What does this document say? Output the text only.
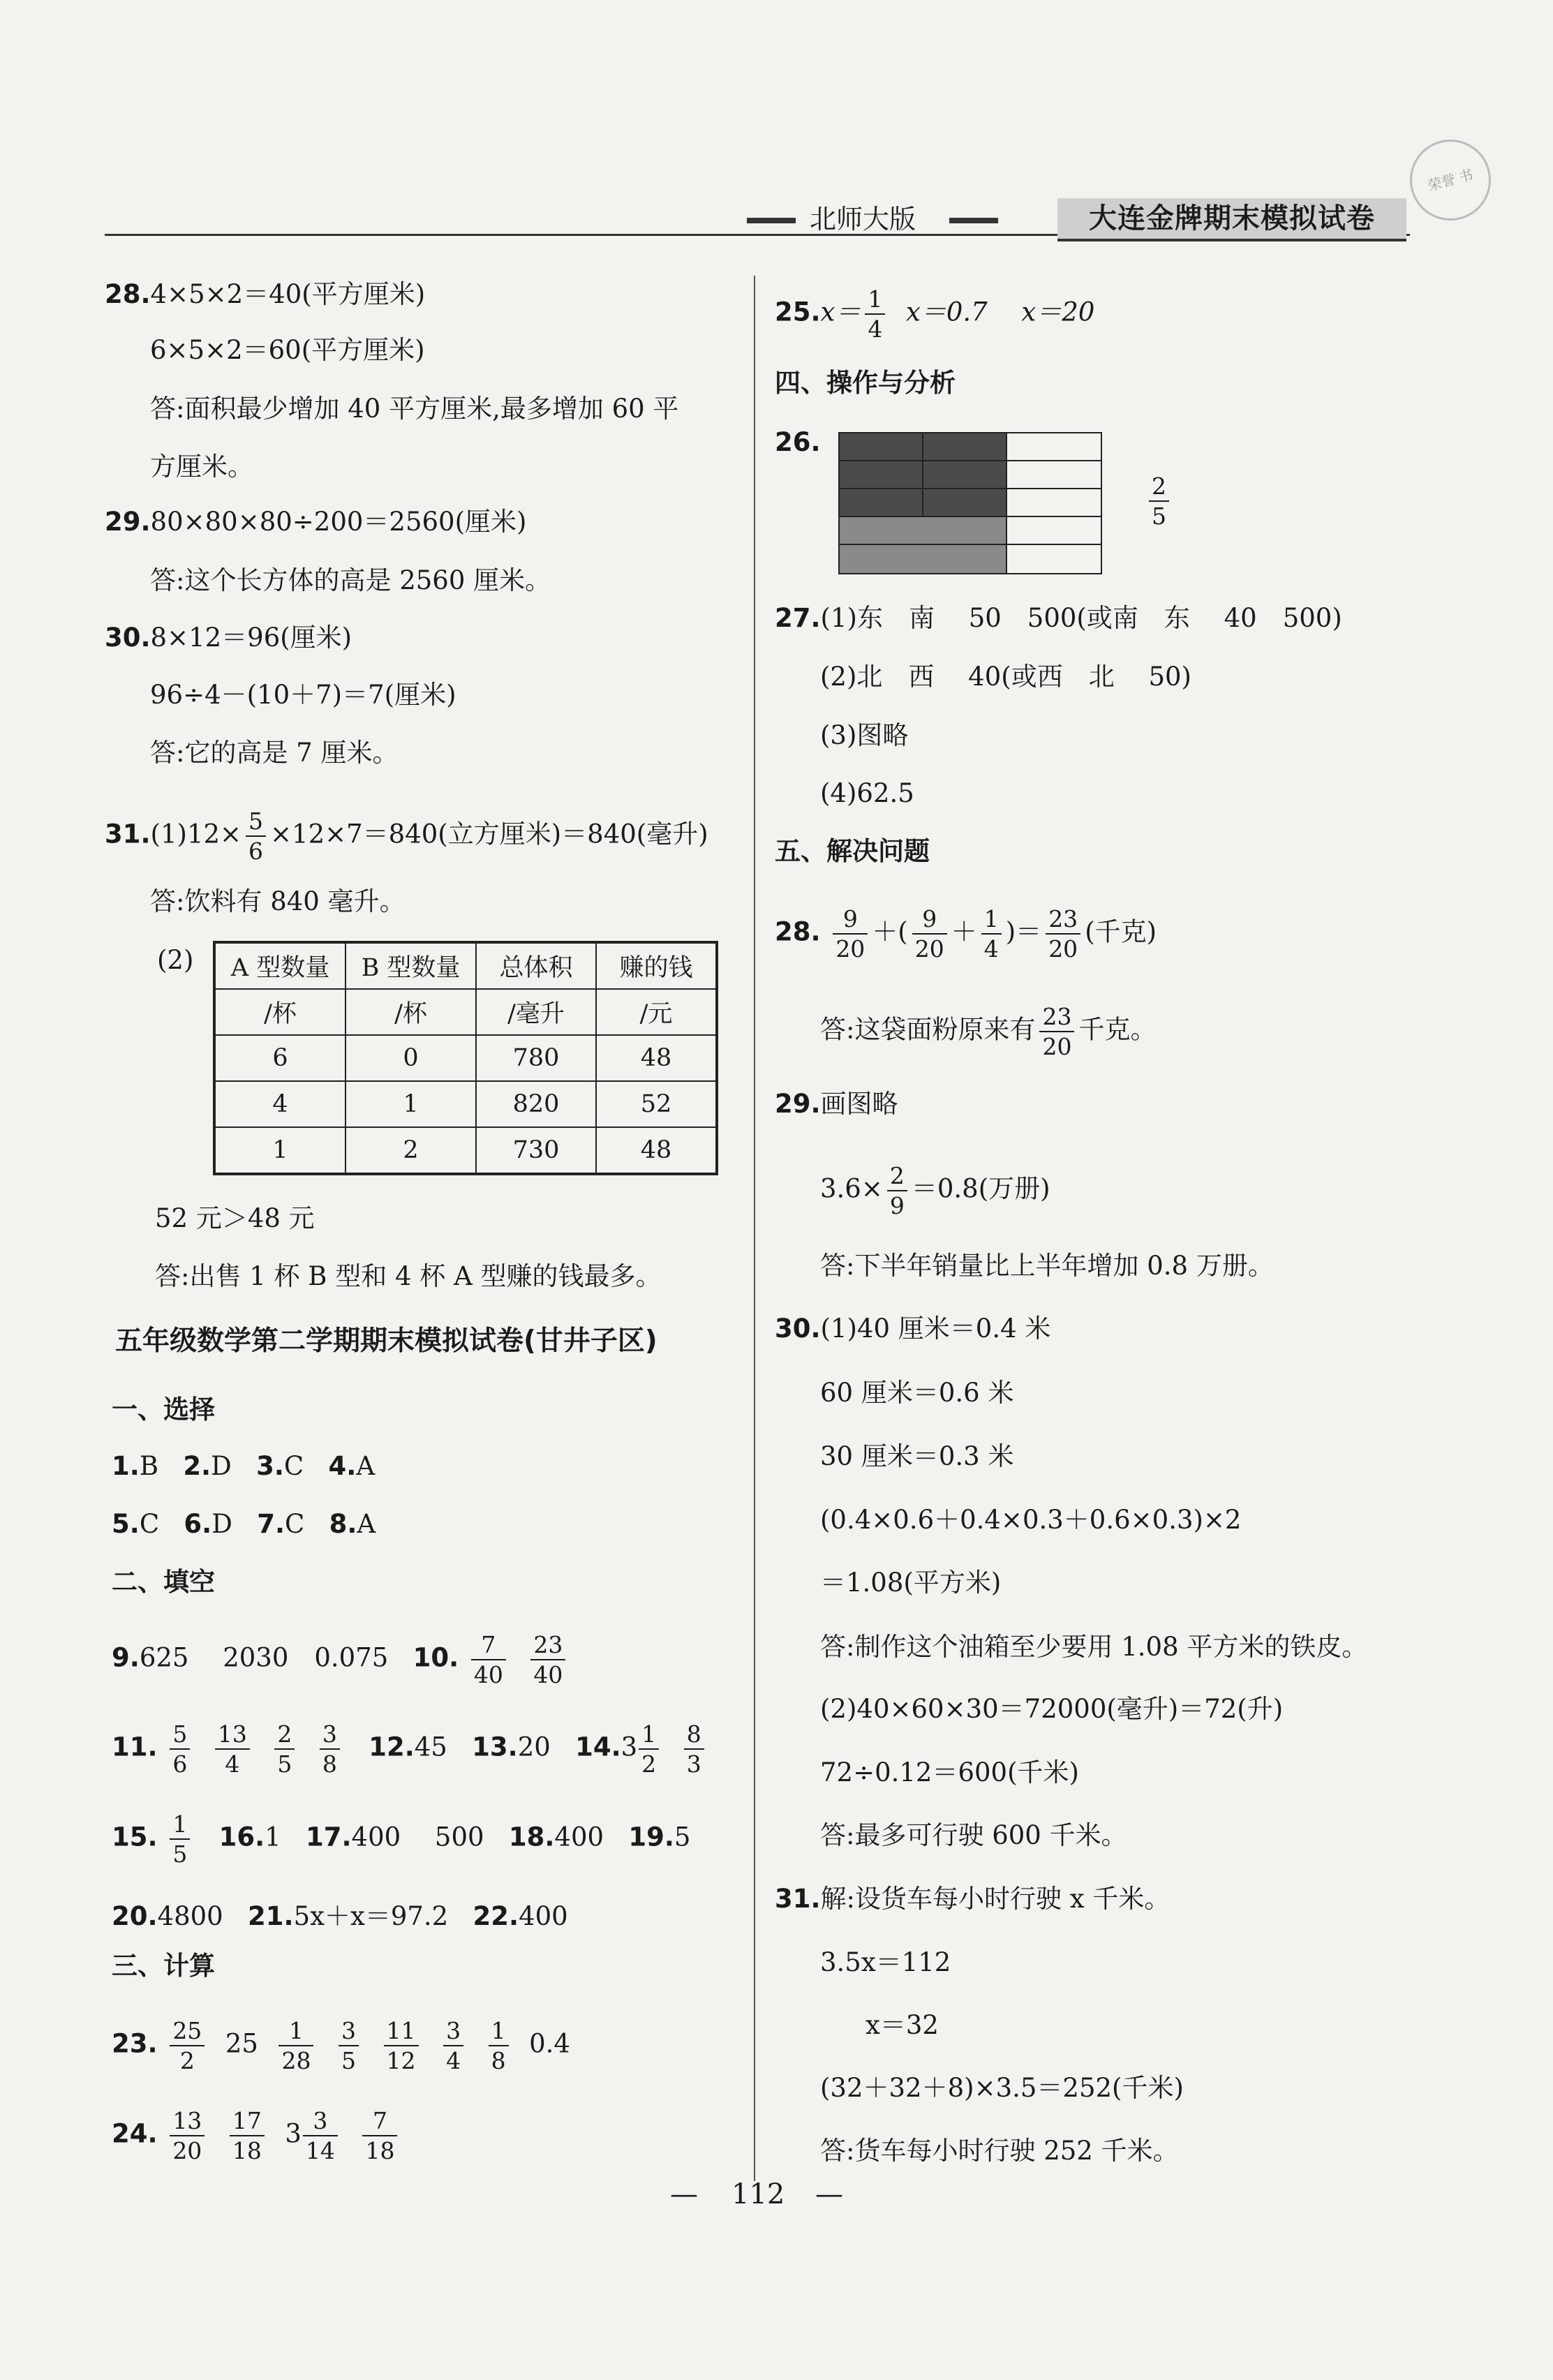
北师大版	大连金牌期末模拟试卷
荣誉 书
28.4×5×2＝40(平方厘米)
6×5×2＝60(平方厘米)
答:面积最少增加 40 平方厘米,最多增加 60 平
方厘米。
29.80×80×80÷200＝2560(厘米)
答:这个长方体的高是 2560 厘米。
30.8×12＝96(厘米)
96÷4－(10＋7)＝7(厘米)
答:它的高是 7 厘米。
$31.(1)12\times \frac{5}{6} \times 12\times 7=840$(立方厘米)＝840(毫升)
答:饮料有 840 毫升。
(2) A 型数量	B 型数量	总体积	赚的钱
/杯	/杯	/毫升	/元
6	0	780	48
4	1	820	52
1	2	730	48
52 元＞48 元
答:出售 1 杯 B 型和 4 杯 A 型赚的钱最多。
五年级数学第二学期期末模拟试卷(甘井子区)
一、选择
1.B 2.D 3.C 4.A
5.C 6.D 7.C 8.A
二、填空
9.625　 2030　0.075 10. $\frac{7}{40}$
$\frac{23}{40}$
11. $\frac{5}{6}$
$\frac{13}{4}$
$\frac{2}{5}$
$\frac{3}{8} 12.45$ 13.20 $14.3 \frac{1}{2}$
$\frac{8}{3}$
15. $\frac{1}{5} 16.1$ 17.400　 500 18.400 19.5
20.4800 21.5x＋x＝97.2 22.400
三、计算
23. $\frac{25}{2} 25 \frac{1}{28}$
$\frac{3}{5}$
$\frac{11}{12}$
$\frac{3}{4}$
$\frac{1}{8} 0.4$
24. $\frac{13}{20}$
$\frac{17}{18} 3 \frac{3}{14}$
$\frac{7}{18}$
$25.x= \frac{1}{4} x=0.7$　 x＝20
四、操作与分析
26.
$\frac{2}{5}$
27.(1)东　南　 50　500(或南　东　 40　500)
(2)北　西　 40(或西　北　 50)
(3)图略
(4)62.5
五、解决问题
28. $\frac{9}{20}$ ＋( $\frac{9}{20} + \frac{1}{4}$ )＝ $\frac{23}{20}$ (千克)
答:这袋面粉原来有 $\frac{23}{20}$ 千克。
29.画图略
$3.6\times \frac{2}{9} =0.8$(万册)
答:下半年销量比上半年增加 0.8 万册。
30.(1)40 厘米＝0.4 米
60 厘米＝0.6 米
30 厘米＝0.3 米
(0.4×0.6＋0.4×0.3＋0.6×0.3)×2
＝1.08(平方米)
答:制作这个油箱至少要用 1.08 平方米的铁皮。
(2)40×60×30＝72000(毫升)＝72(升)
72÷0.12＝600(千米)
答:最多可行驶 600 千米。
31.解:设货车每小时行驶 x 千米。
3.5x＝112
x＝32
(32＋32＋8)×3.5＝252(千米)
答:货车每小时行驶 252 千米。
— 112 —
